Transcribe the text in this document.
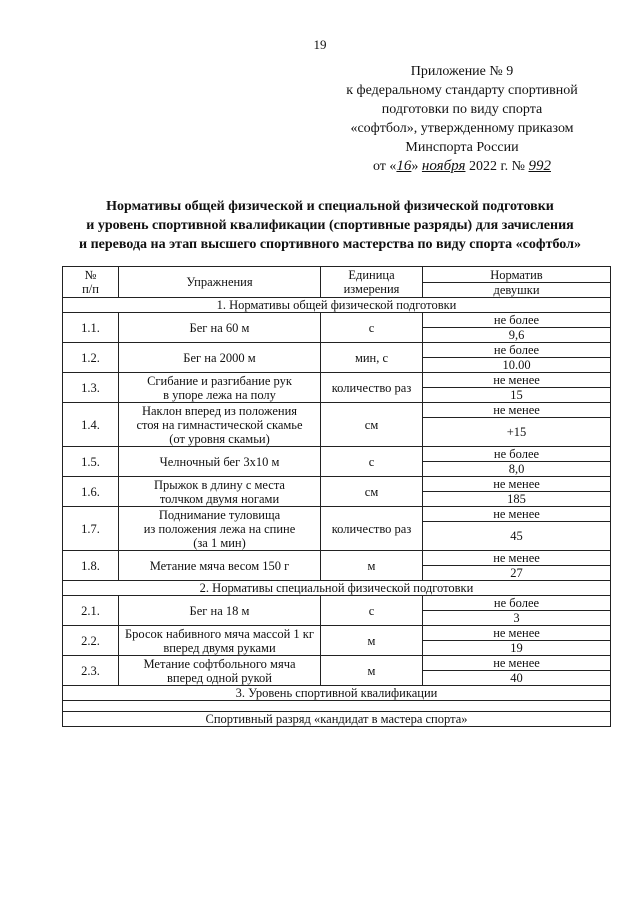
19
Приложение № 9
к федеральному стандарту спортивной
подготовки по виду спорта
«софтбол», утвержденному приказом
Минспорта России
от «16» ноября 2022 г. № 992
Нормативы общей физической и специальной физической подготовки
и уровень спортивной квалификации (спортивные разряды) для зачисления
и перевода на этап высшего спортивного мастерства по виду спорта «софтбол»
№
п/п	Упражнения	Единица
измерения	Норматив
			девушки
1. Нормативы общей физической подготовки			
1.1.	Бег на 60 м	с	не более
			9,6
1.2.	Бег на 2000 м	мин, с	не более
			10.00
1.3.	Сгибание и разгибание рук
в упоре лежа на полу	количество раз	не менее
			15
1.4.	Наклон вперед из положения
стоя на гимнастической скамье
(от уровня скамьи)	см	не менее
			+15
1.5.	Челночный бег 3х10 м	с	не более
			8,0
1.6.	Прыжок в длину с места
толчком двумя ногами	см	не менее
			185
1.7.	Поднимание туловища
из положения лежа на спине
(за 1 мин)	количество раз	не менее
			45
1.8.	Метание мяча весом 150 г	м	не менее
			27
2. Нормативы специальной физической подготовки			
2.1.	Бег на 18 м	с	не более
			3
2.2.	Бросок набивного мяча массой 1 кг
вперед двумя руками	м	не менее
			19
2.3.	Метание софтбольного мяча
вперед одной рукой	м	не менее
			40
3. Уровень спортивной квалификации			

Спортивный разряд «кандидат в мастера спорта»			
